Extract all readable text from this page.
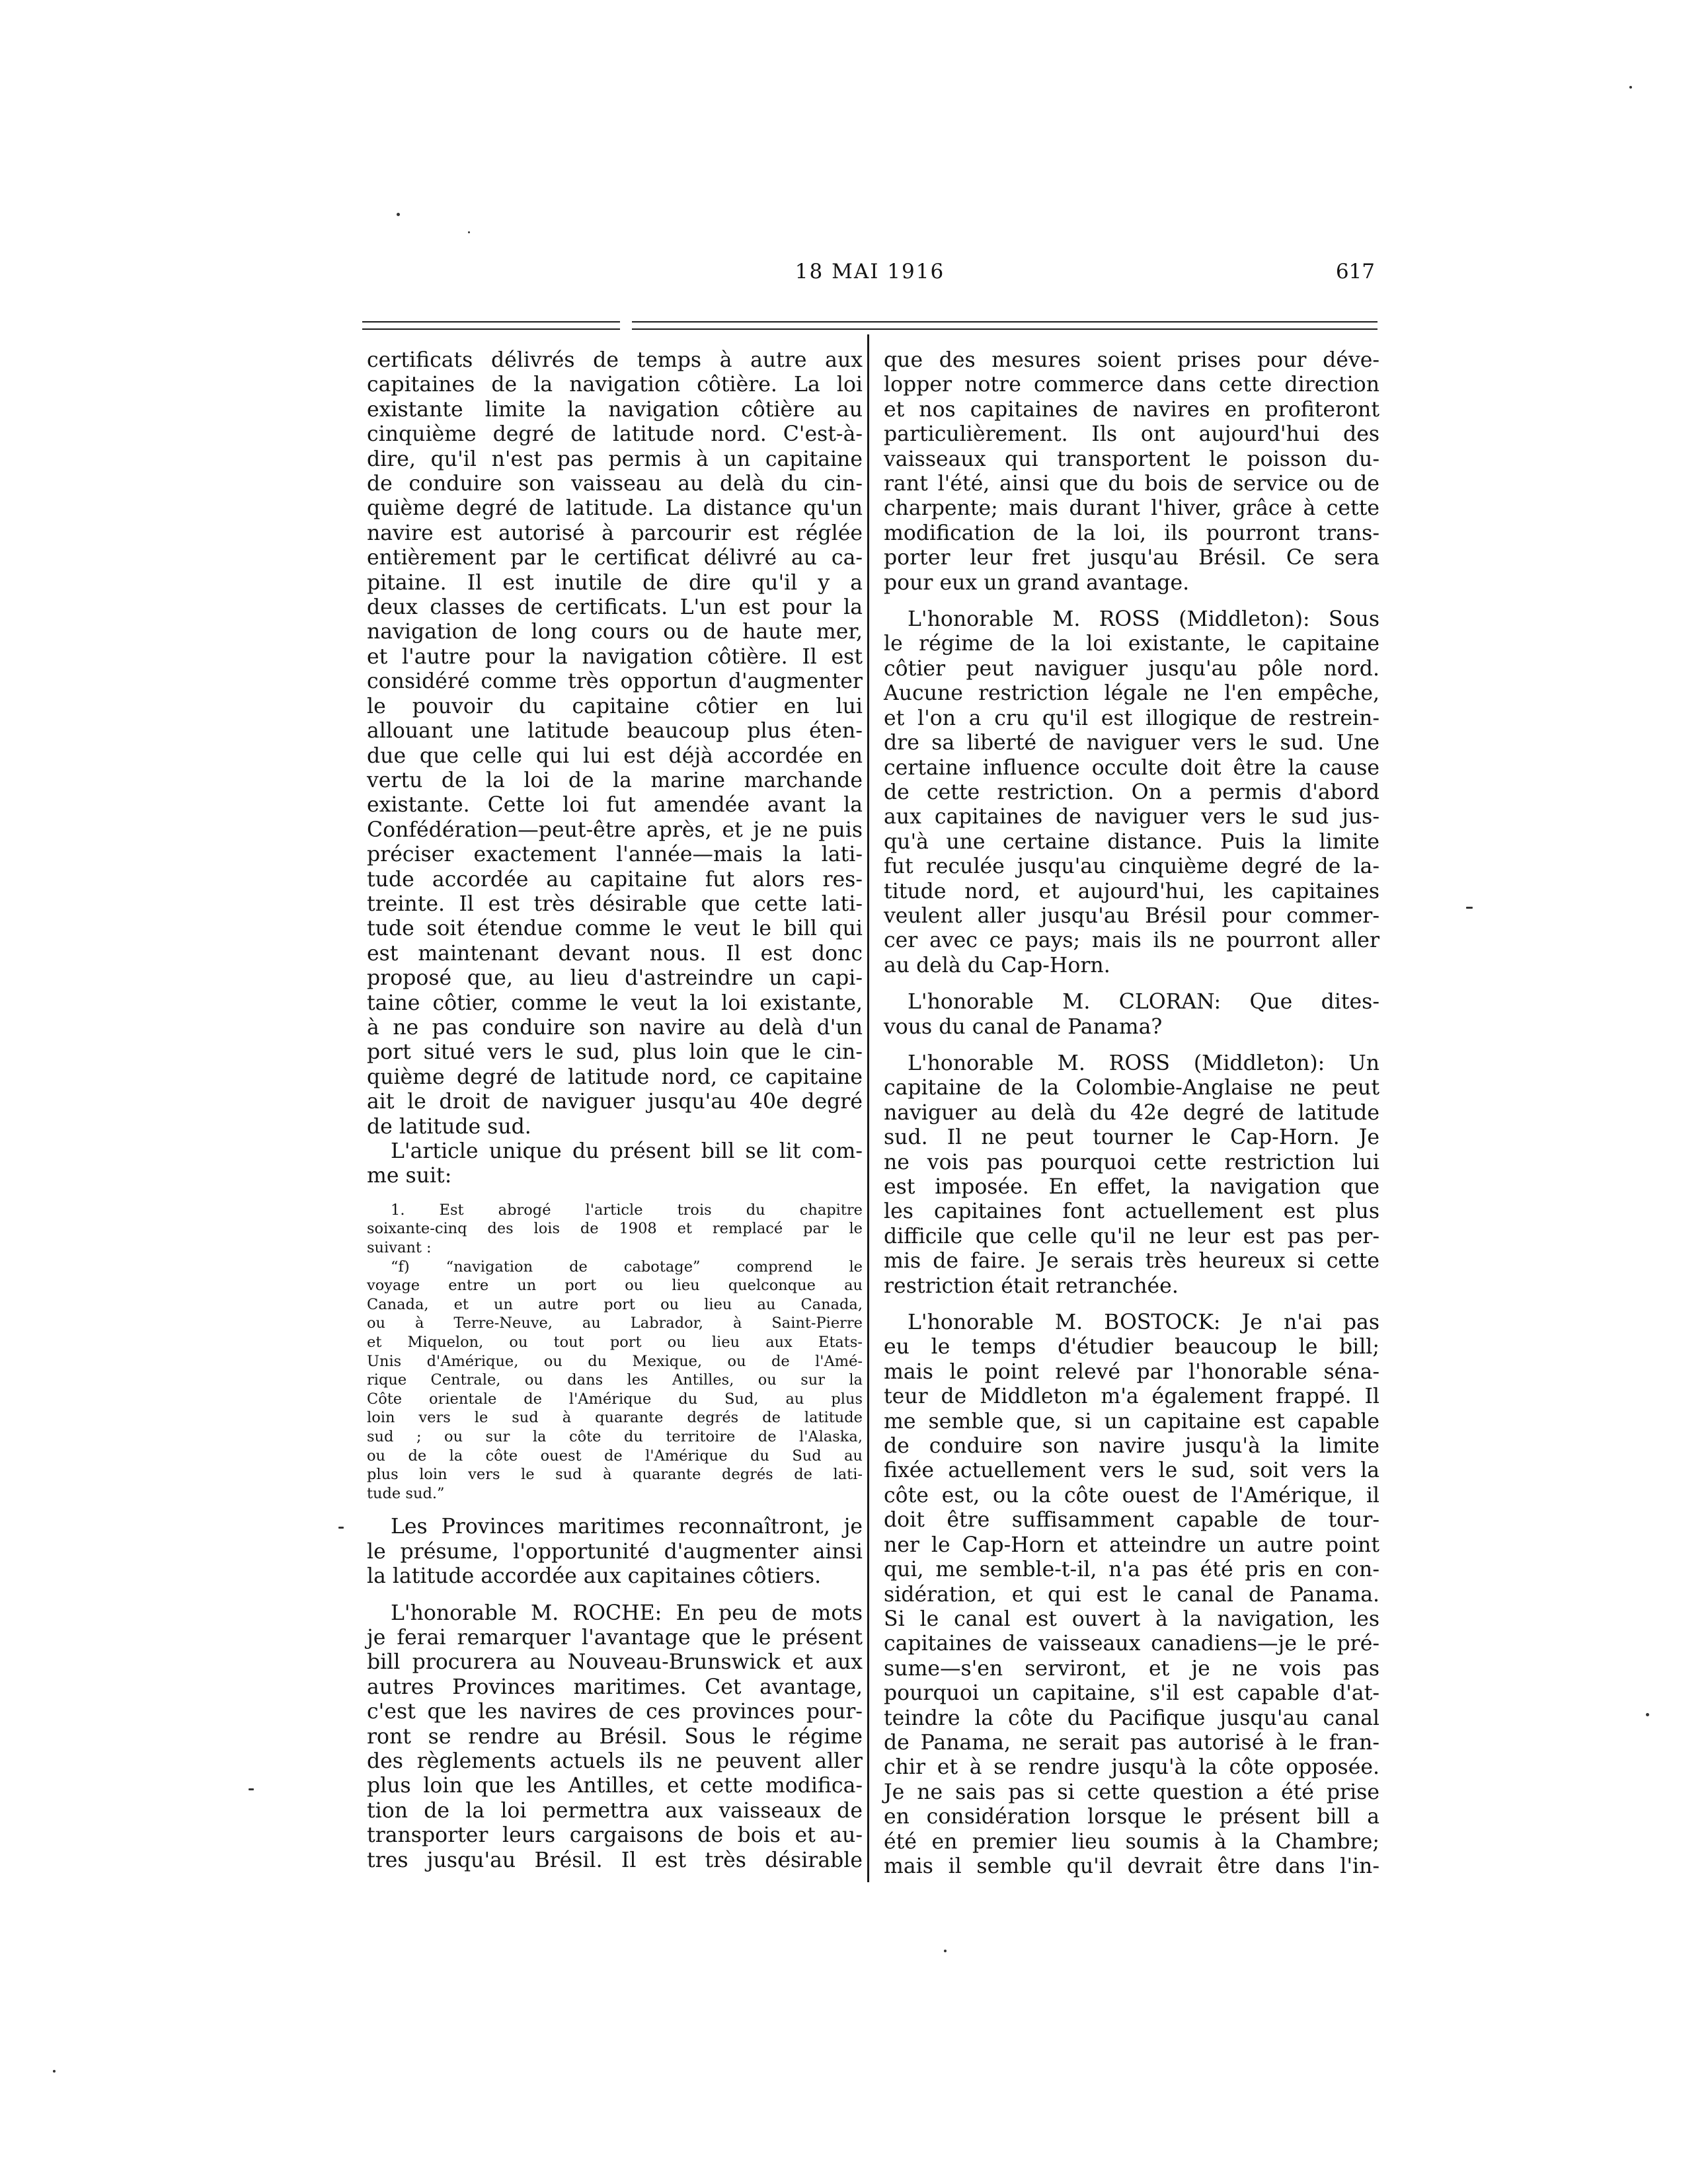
18 MAI 1916	617

certificats délivrés de temps à autre aux

capitaines de la navigation côtière. La loi

existante limite la navigation côtière au

cinquième degré de latitude nord. C'est-à-

dire, qu'il n'est pas permis à un capitaine

de conduire son vaisseau au delà du cin-

quième degré de latitude. La distance qu'un

navire est autorisé à parcourir est réglée

entièrement par le certificat délivré au ca-

pitaine. Il est inutile de dire qu'il y a

deux classes de certificats. L'un est pour la

navigation de long cours ou de haute mer,

et l'autre pour la navigation côtière. Il est

considéré comme très opportun d'augmenter

le pouvoir du capitaine côtier en lui

allouant une latitude beaucoup plus éten-

due que celle qui lui est déjà accordée en

vertu de la loi de la marine marchande

existante. Cette loi fut amendée avant la

Confédération—peut-être après, et je ne puis

préciser exactement l'année—mais la lati-

tude accordée au capitaine fut alors res-

treinte. Il est très désirable que cette lati-

tude soit étendue comme le veut le bill qui

est maintenant devant nous. Il est donc

proposé que, au lieu d'astreindre un capi-

taine côtier, comme le veut la loi existante,

à ne pas conduire son navire au delà d'un

port situé vers le sud, plus loin que le cin-

quième degré de latitude nord, ce capitaine

ait le droit de naviguer jusqu'au 40e degré

de latitude sud.

L'article unique du présent bill se lit com-

me suit:

1. Est abrogé l'article trois du chapitre

soixante-cinq des lois de 1908 et remplacé par le

suivant :

“f) “navigation de cabotage” comprend le

voyage entre un port ou lieu quelconque au

Canada, et un autre port ou lieu au Canada,

ou à Terre-Neuve, au Labrador, à Saint-Pierre

et Miquelon, ou tout port ou lieu aux Etats-

Unis d'Amérique, ou du Mexique, ou de l'Amé-

rique Centrale, ou dans les Antilles, ou sur la

Côte orientale de l'Amérique du Sud, au plus

loin vers le sud à quarante degrés de latitude

sud ; ou sur la côte du territoire de l'Alaska,

ou de la côte ouest de l'Amérique du Sud au

plus loin vers le sud à quarante degrés de lati-

tude sud.”

Les Provinces maritimes reconnaîtront, je

le présume, l'opportunité d'augmenter ainsi

la latitude accordée aux capitaines côtiers.

L'honorable M. ROCHE: En peu de mots

je ferai remarquer l'avantage que le présent

bill procurera au Nouveau-Brunswick et aux

autres Provinces maritimes. Cet avantage,

c'est que les navires de ces provinces pour-

ront se rendre au Brésil. Sous le régime

des règlements actuels ils ne peuvent aller

plus loin que les Antilles, et cette modifica-

tion de la loi permettra aux vaisseaux de

transporter leurs cargaisons de bois et au-

tres jusqu'au Brésil. Il est très désirable

que des mesures soient prises pour déve-

lopper notre commerce dans cette direction

et nos capitaines de navires en profiteront

particulièrement. Ils ont aujourd'hui des

vaisseaux qui transportent le poisson du-

rant l'été, ainsi que du bois de service ou de

charpente; mais durant l'hiver, grâce à cette

modification de la loi, ils pourront trans-

porter leur fret jusqu'au Brésil. Ce sera

pour eux un grand avantage.

L'honorable M. ROSS (Middleton): Sous

le régime de la loi existante, le capitaine

côtier peut naviguer jusqu'au pôle nord.

Aucune restriction légale ne l'en empêche,

et l'on a cru qu'il est illogique de restrein-

dre sa liberté de naviguer vers le sud. Une

certaine influence occulte doit être la cause

de cette restriction. On a permis d'abord

aux capitaines de naviguer vers le sud jus-

qu'à une certaine distance. Puis la limite

fut reculée jusqu'au cinquième degré de la-

titude nord, et aujourd'hui, les capitaines

veulent aller jusqu'au Brésil pour commer-

cer avec ce pays; mais ils ne pourront aller

au delà du Cap-Horn.

L'honorable M. CLORAN: Que dites-

vous du canal de Panama?

L'honorable M. ROSS (Middleton): Un

capitaine de la Colombie-Anglaise ne peut

naviguer au delà du 42e degré de latitude

sud. Il ne peut tourner le Cap-Horn. Je

ne vois pas pourquoi cette restriction lui

est imposée. En effet, la navigation que

les capitaines font actuellement est plus

difficile que celle qu'il ne leur est pas per-

mis de faire. Je serais très heureux si cette

restriction était retranchée.

L'honorable M. BOSTOCK: Je n'ai pas

eu le temps d'étudier beaucoup le bill;

mais le point relevé par l'honorable séna-

teur de Middleton m'a également frappé. Il

me semble que, si un capitaine est capable

de conduire son navire jusqu'à la limite

fixée actuellement vers le sud, soit vers la

côte est, ou la côte ouest de l'Amérique, il

doit être suffisamment capable de tour-

ner le Cap-Horn et atteindre un autre point

qui, me semble-t-il, n'a pas été pris en con-

sidération, et qui est le canal de Panama.

Si le canal est ouvert à la navigation, les

capitaines de vaisseaux canadiens—je le pré-

sume—s'en serviront, et je ne vois pas

pourquoi un capitaine, s'il est capable d'at-

teindre la côte du Pacifique jusqu'au canal

de Panama, ne serait pas autorisé à le fran-

chir et à se rendre jusqu'à la côte opposée.

Je ne sais pas si cette question a été prise

en considération lorsque le présent bill a

été en premier lieu soumis à la Chambre;

mais il semble qu'il devrait être dans l'in-
